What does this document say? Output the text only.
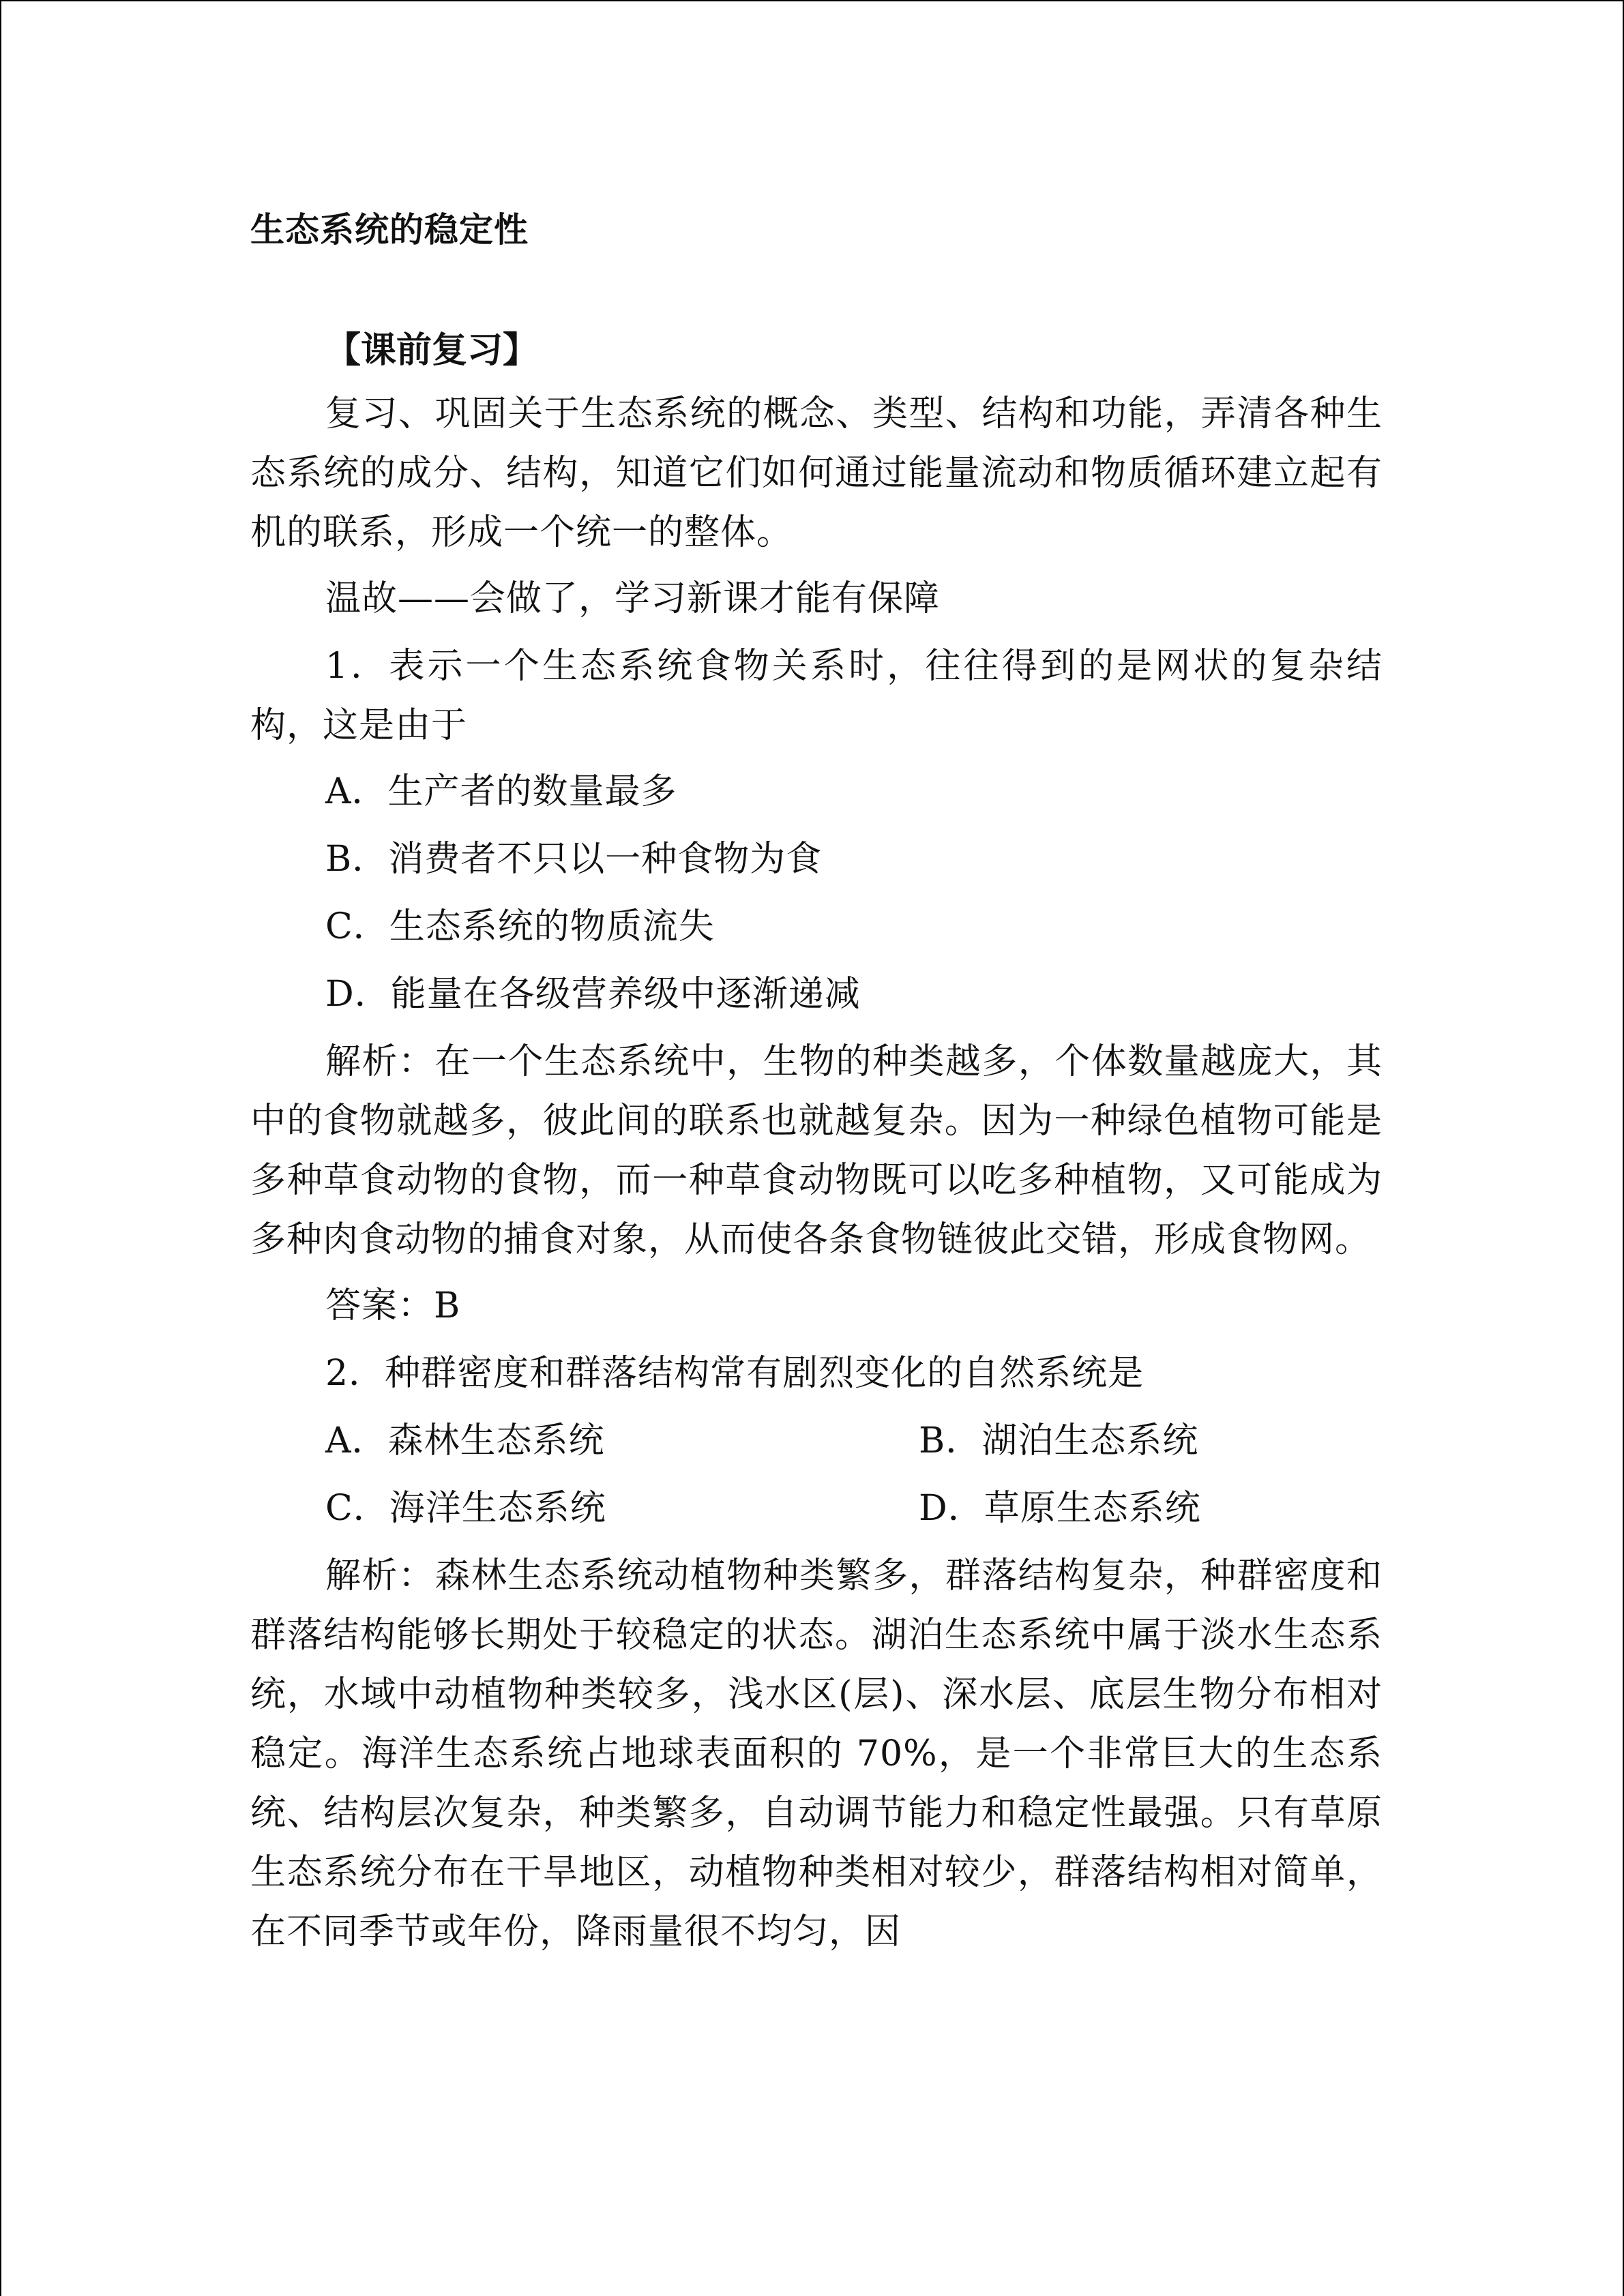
生态系统的稳定性
【课前复习】

复习、巩固关于生态系统的概念、类型、结构和功能，弄清各种生态系统的成分、结构，知道它们如何通过能量流动和物质循环建立起有机的联系，形成一个统一的整体。

温故——会做了，学习新课才能有保障

1．表示一个生态系统食物关系时，往往得到的是网状的复杂结构，这是由于

A．生产者的数量最多

B．消费者不只以一种食物为食

C．生态系统的物质流失

D．能量在各级营养级中逐渐递减

解析：在一个生态系统中，生物的种类越多，个体数量越庞大，其中的食物就越多，彼此间的联系也就越复杂。因为一种绿色植物可能是多种草食动物的食物，而一种草食动物既可以吃多种植物，又可能成为多种肉食动物的捕食对象，从而使各条食物链彼此交错，形成食物网。

答案：B

2．种群密度和群落结构常有剧烈变化的自然系统是

A．森林生态系统	B．湖泊生态系统
C．海洋生态系统	D．草原生态系统

解析：森林生态系统动植物种类繁多，群落结构复杂，种群密度和群落结构能够长期处于较稳定的状态。湖泊生态系统中属于淡水生态系统，水域中动植物种类较多，浅水区(层)、深水层、底层生物分布相对稳定。海洋生态系统占地球表面积的 70%，是一个非常巨大的生态系统、结构层次复杂，种类繁多，自动调节能力和稳定性最强。只有草原生态系统分布在干旱地区，动植物种类相对较少，群落结构相对简单，在不同季节或年份，降雨量很不均匀，因
